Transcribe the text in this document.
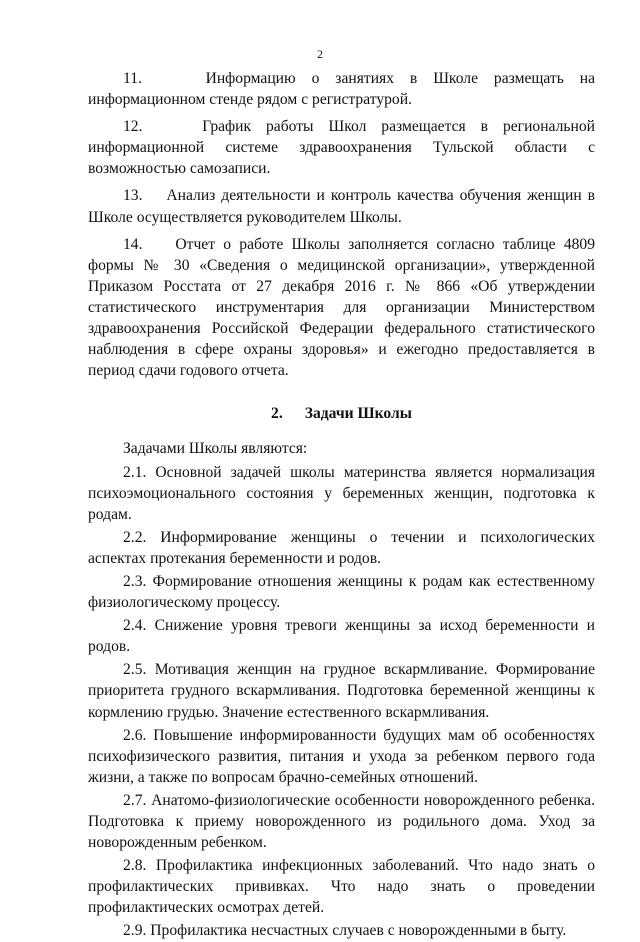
2

11.	Информацию о занятиях в Школе размещать на информационном стенде рядом с регистратурой.

12.	График работы Школ размещается в региональной информационной системе здравоохранения Тульской области с возможностью самозаписи.

13. Анализ деятельности и контроль качества обучения женщин в Школе осуществляется руководителем Школы.

14. Отчет о работе Школы заполняется согласно таблице 4809 формы № 30 «Сведения о медицинской организации», утвержденной Приказом Росстата от 27 декабря 2016 г. № 866 «Об утверждении статистического инструментария для организации Министерством здравоохранения Российской Федерации федерального статистического наблюдения в сфере охраны здоровья» и ежегодно предоставляется в период сдачи годового отчета.

2. Задачи Школы

Задачами Школы являются:

2.1. Основной задачей школы материнства является нормализация психоэмоционального состояния у беременных женщин, подготовка к родам.

2.2. Информирование женщины о течении и психологических аспектах протекания беременности и родов.

2.3. Формирование отношения женщины к родам как естественному физиологическому процессу.

2.4. Снижение уровня тревоги женщины за исход беременности и родов.

2.5. Мотивация женщин на грудное вскармливание. Формирование приоритета грудного вскармливания. Подготовка беременной женщины к кормлению грудью. Значение естественного вскармливания.

2.6. Повышение информированности будущих мам об особенностях психофизического развития, питания и ухода за ребенком первого года жизни, а также по вопросам брачно-семейных отношений.

2.7. Анатомо-физиологические особенности новорожденного ребенка. Подготовка к приему новорожденного из родильного дома. Уход за новорожденным ребенком.

2.8. Профилактика инфекционных заболеваний. Что надо знать о профилактических прививках. Что надо знать о проведении профилактических осмотрах детей.

2.9. Профилактика несчастных случаев с новорожденными в быту.
